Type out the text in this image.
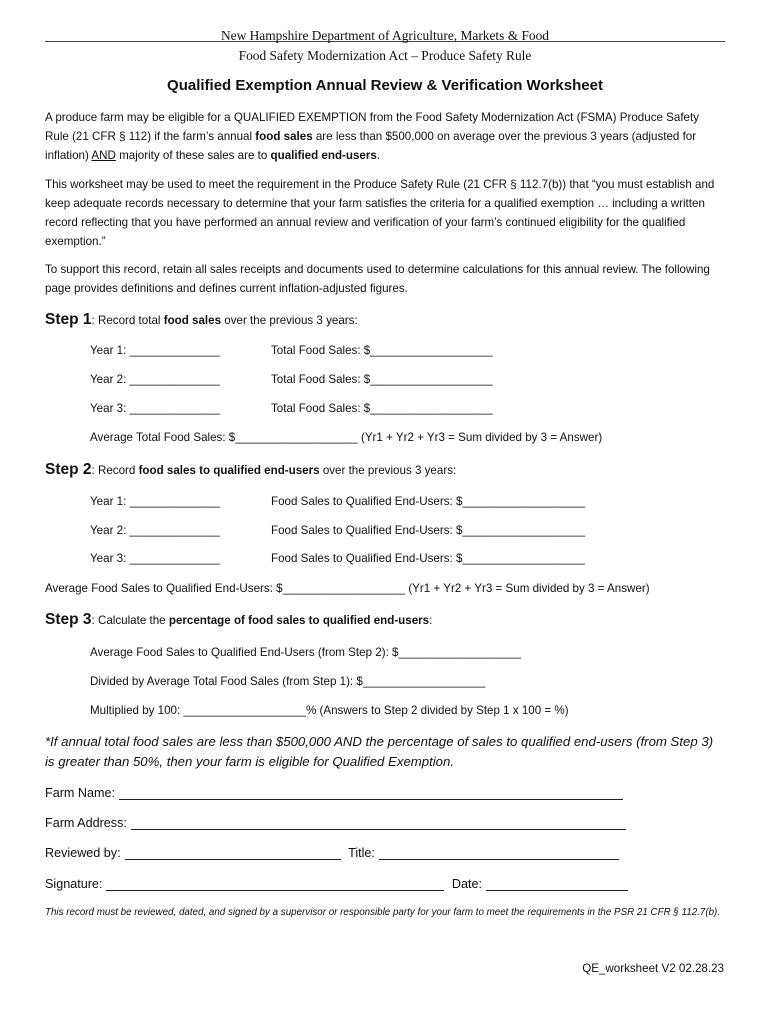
New Hampshire Department of Agriculture, Markets & Food
Food Safety Modernization Act – Produce Safety Rule
Qualified Exemption Annual Review & Verification Worksheet
A produce farm may be eligible for a QUALIFIED EXEMPTION from the Food Safety Modernization Act (FSMA) Produce Safety Rule (21 CFR § 112) if the farm’s annual food sales are less than $500,000 on average over the previous 3 years (adjusted for inflation) AND majority of these sales are to qualified end-users.
This worksheet may be used to meet the requirement in the Produce Safety Rule (21 CFR § 112.7(b)) that “you must establish and keep adequate records necessary to determine that your farm satisfies the criteria for a qualified exemption … including a written record reflecting that you have performed an annual review and verification of your farm’s continued eligibility for the qualified exemption.”
To support this record, retain all sales receipts and documents used to determine calculations for this annual review. The following page provides definitions and defines current inflation-adjusted figures.
Step 1: Record total food sales over the previous 3 years:
Year 1: ______________	Total Food Sales: $___________________
Year 2: ______________	Total Food Sales: $___________________
Year 3: ______________	Total Food Sales: $___________________
Average Total Food Sales: $___________________ (Yr1 + Yr2 + Yr3 = Sum divided by 3 = Answer)
Step 2: Record food sales to qualified end-users over the previous 3 years:
Year 1: ______________	Food Sales to Qualified End-Users: $___________________
Year 2: ______________	Food Sales to Qualified End-Users: $___________________
Year 3: ______________	Food Sales to Qualified End-Users: $___________________
Average Food Sales to Qualified End-Users: $___________________ (Yr1 + Yr2 + Yr3 = Sum divided by 3 = Answer)
Step 3: Calculate the percentage of food sales to qualified end-users:
Average Food Sales to Qualified End-Users (from Step 2): $___________________
Divided by Average Total Food Sales (from Step 1): $___________________
Multiplied by 100: ___________________% (Answers to Step 2 divided by Step 1 x 100 = %)
*If annual total food sales are less than $500,000 AND the percentage of sales to qualified end-users (from Step 3) is greater than 50%, then your farm is eligible for Qualified Exemption.
Farm Name:
Farm Address:
Reviewed by:	Title:
Signature:	Date:
This record must be reviewed, dated, and signed by a supervisor or responsible party for your farm to meet the requirements in the PSR 21 CFR § 112.7(b).
QE_worksheet V2 02.28.23
